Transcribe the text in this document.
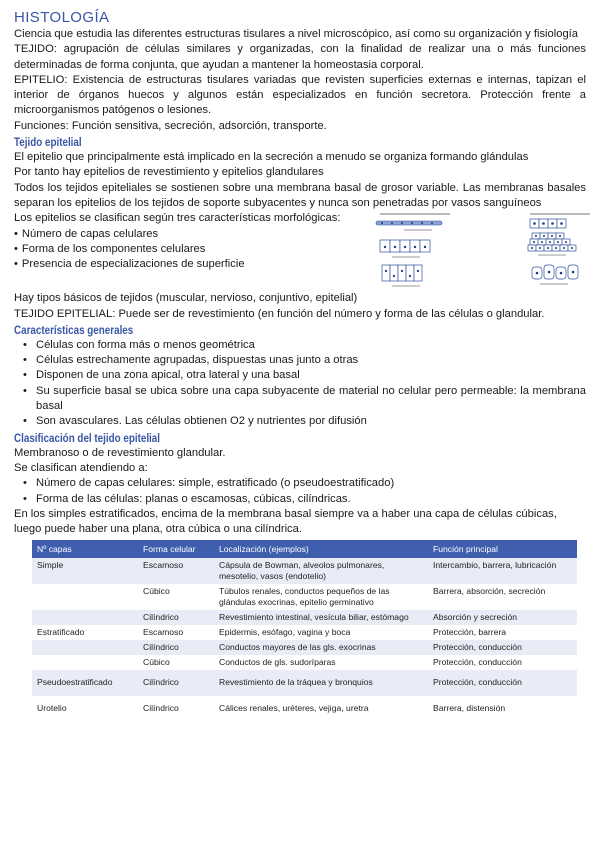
HISTOLOGÍA

Ciencia que estudia las diferentes estructuras tisulares a nivel microscópico, así como su organización y fisiología

TEJIDO: agrupación de células similares y organizadas, con la finalidad de realizar una o más funciones determinadas de forma conjunta, que ayudan a mantener la homeostasia corporal.

EPITELIO: Existencia de estructuras tisulares variadas que revisten superficies externas e internas, tapizan el interior de órganos huecos y algunos están especializados en función secretora. Protección frente a microorganismos patógenos o lesiones.

Funciones: Función sensitiva, secreción, adsorción, transporte.

Tejido epitelial

El epitelio que principalmente está implicado en la secreción a menudo se organiza formando glándulas

Por tanto hay epitelios de revestimiento y epitelios glandulares

Todos los tejidos epiteliales se sostienen sobre una membrana basal de grosor variable. Las membranas basales separan los epitelios de los tejidos de soporte subyacentes y nunca son penetradas por vasos sanguíneos

Los epitelios se clasifican según tres características morfológicas:

• Número de capas celulares
• Forma de los componentes celulares
• Presencia de especializaciones de superficie

Hay tipos básicos de tejidos (muscular, nervioso, conjuntivo, epitelial)

TEJIDO EPITELIAL: Puede ser de revestimiento (en función del número y forma de las células o glandular.

Características generales
• Células con forma más o menos geométrica
• Células estrechamente agrupadas, dispuestas unas junto a otras
• Disponen de una zona apical, otra lateral y una basal
• Su superficie basal se ubica sobre una capa subyacente de material no celular pero permeable: la membrana basal
• Son avasculares. Las células obtienen O2 y nutrientes por difusión
Clasificación del tejido epitelial

Membranoso o de revestimiento glandular.

Se clasifican atendiendo a:

• Número de capas celulares: simple, estratificado (o pseudoestratificado)
• Forma de las células: planas o escamosas, cúbicas, cilíndricas.

En los simples estratificados, encima de la membrana basal siempre va a haber una capa de células cúbicas, luego puede haber una plana, otra cúbica o una cilíndrica.

Nº capas	Forma celular	Localización (ejemplos)	Función principal
Simple	Escamoso	Cápsula de Bowman, alveolos pulmonares, mesotelio, vasos (endotelio)	Intercambio, barrera, lubricación
	Cúbico	Túbulos renales, conductos pequeños de las glándulas exocrinas, epitelio germinativo	Barrera, absorción, secreción
	Cilíndrico	Revestimiento intestinal, vesícula biliar, estómago	Absorción y secreción
Estratificado	Escamoso	Epidermis, esófago, vagina y boca	Protección, barrera
	Cilíndrico	Conductos mayores de las gls. exocrinas	Protección, conducción
	Cúbico	Conductos de gls. sudoríparas	Protección, conducción
Pseudoestratificado	Cilíndrico	Revestimiento de la tráquea y bronquios	Protección, conducción
Urotelio	Cilíndrico	Cálices renales, uréteres, vejiga, uretra	Barrera, distensión
